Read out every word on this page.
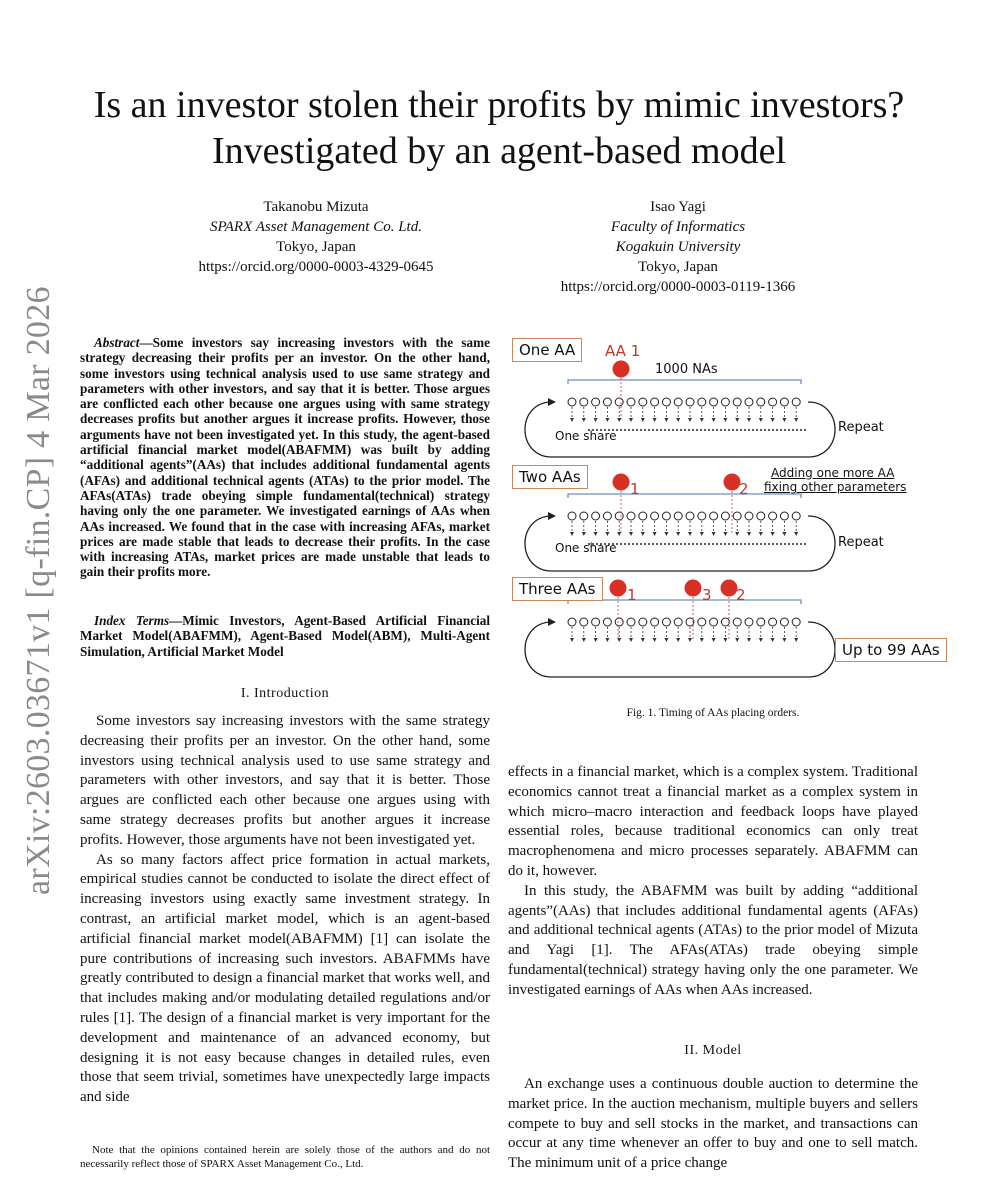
Is an investor stolen their profits by mimic investors? Investigated by an agent-based model
Takanobu Mizuta
SPARX Asset Management Co. Ltd.
Tokyo, Japan
https://orcid.org/0000-0003-4329-0645
Isao Yagi
Faculty of Informatics
Kogakuin University
Tokyo, Japan
https://orcid.org/0000-0003-0119-1366
arXiv:2603.03671v1 [q-fin.CP] 4 Mar 2026	Abstract—Some investors say increasing investors with the same strategy decreasing their profits per an investor. On the other hand, some investors using technical analysis used to use same strategy and parameters with other investors, and say that it is better. Those argues are conflicted each other because one argues using with same strategy decreases profits but another argues it increase profits. However, those arguments have not been investigated yet. In this study, the agent-based artificial financial market model(ABAFMM) was built by adding “additional agents”(AAs) that includes additional fundamental agents (AFAs) and additional technical agents (ATAs) to the prior model. The AFAs(ATAs) trade obeying simple fundamental(technical) strategy having only the one parameter. We investigated earnings of AAs when AAs increased. We found that in the case with increasing AFAs, market prices are made stable that leads to decrease their profits. In the case with increasing ATAs, market prices are made unstable that leads to gain their profits more.
Index Terms—Mimic Investors, Agent-Based Artificial Financial Market Model(ABAFMM), Agent-Based Model(ABM), Multi-Agent Simulation, Artificial Market Model
I. Introduction

Some investors say increasing investors with the same strategy decreasing their profits per an investor. On the other hand, some investors using technical analysis used to use same strategy and parameters with other investors, and say that it is better. Those argues are conflicted each other because one argues using with same strategy decreases profits but another argues it increase profits. However, those arguments have not been investigated yet.

As so many factors affect price formation in actual markets, empirical studies cannot be conducted to isolate the direct effect of increasing investors using exactly same investment strategy. In contrast, an artificial market model, which is an agent-based artificial financial market model(ABAFMM) [1] can isolate the pure contributions of increasing such investors. ABAFMMs have greatly contributed to design a financial market that works well, and that includes making and/or modulating detailed regulations and/or rules [1]. The design of a financial market is very important for the development and maintenance of an advanced economy, but designing it is not easy because changes in detailed rules, even those that seem trivial, sometimes have unexpectedly large impacts and side

Note that the opinions contained herein are solely those of the authors and do not necessarily reflect those of SPARX Asset Management Co., Ltd.
One AA	AA 1
1000 NAs
Repeat
One share
Two AAs
1	2
Adding one more AA
fixing other parameters
Repeat
One share
Three AAs	1	3 2
Up to 99 AAs
Fig. 1. Timing of AAs placing orders.

effects in a financial market, which is a complex system. Traditional economics cannot treat a financial market as a complex system in which micro–macro interaction and feedback loops have played essential roles, because traditional economics can only treat macrophenomena and micro processes separately. ABAFMM can do it, however.

In this study, the ABAFMM was built by adding “additional agents”(AAs) that includes additional fundamental agents (AFAs) and additional technical agents (ATAs) to the prior model of Mizuta and Yagi [1]. The AFAs(ATAs) trade obeying simple fundamental(technical) strategy having only the one parameter. We investigated earnings of AAs when AAs increased.

II. Model

An exchange uses a continuous double auction to determine the market price. In the auction mechanism, multiple buyers and sellers compete to buy and sell stocks in the market, and transactions can occur at any time whenever an offer to buy and one to sell match. The minimum unit of a price change
